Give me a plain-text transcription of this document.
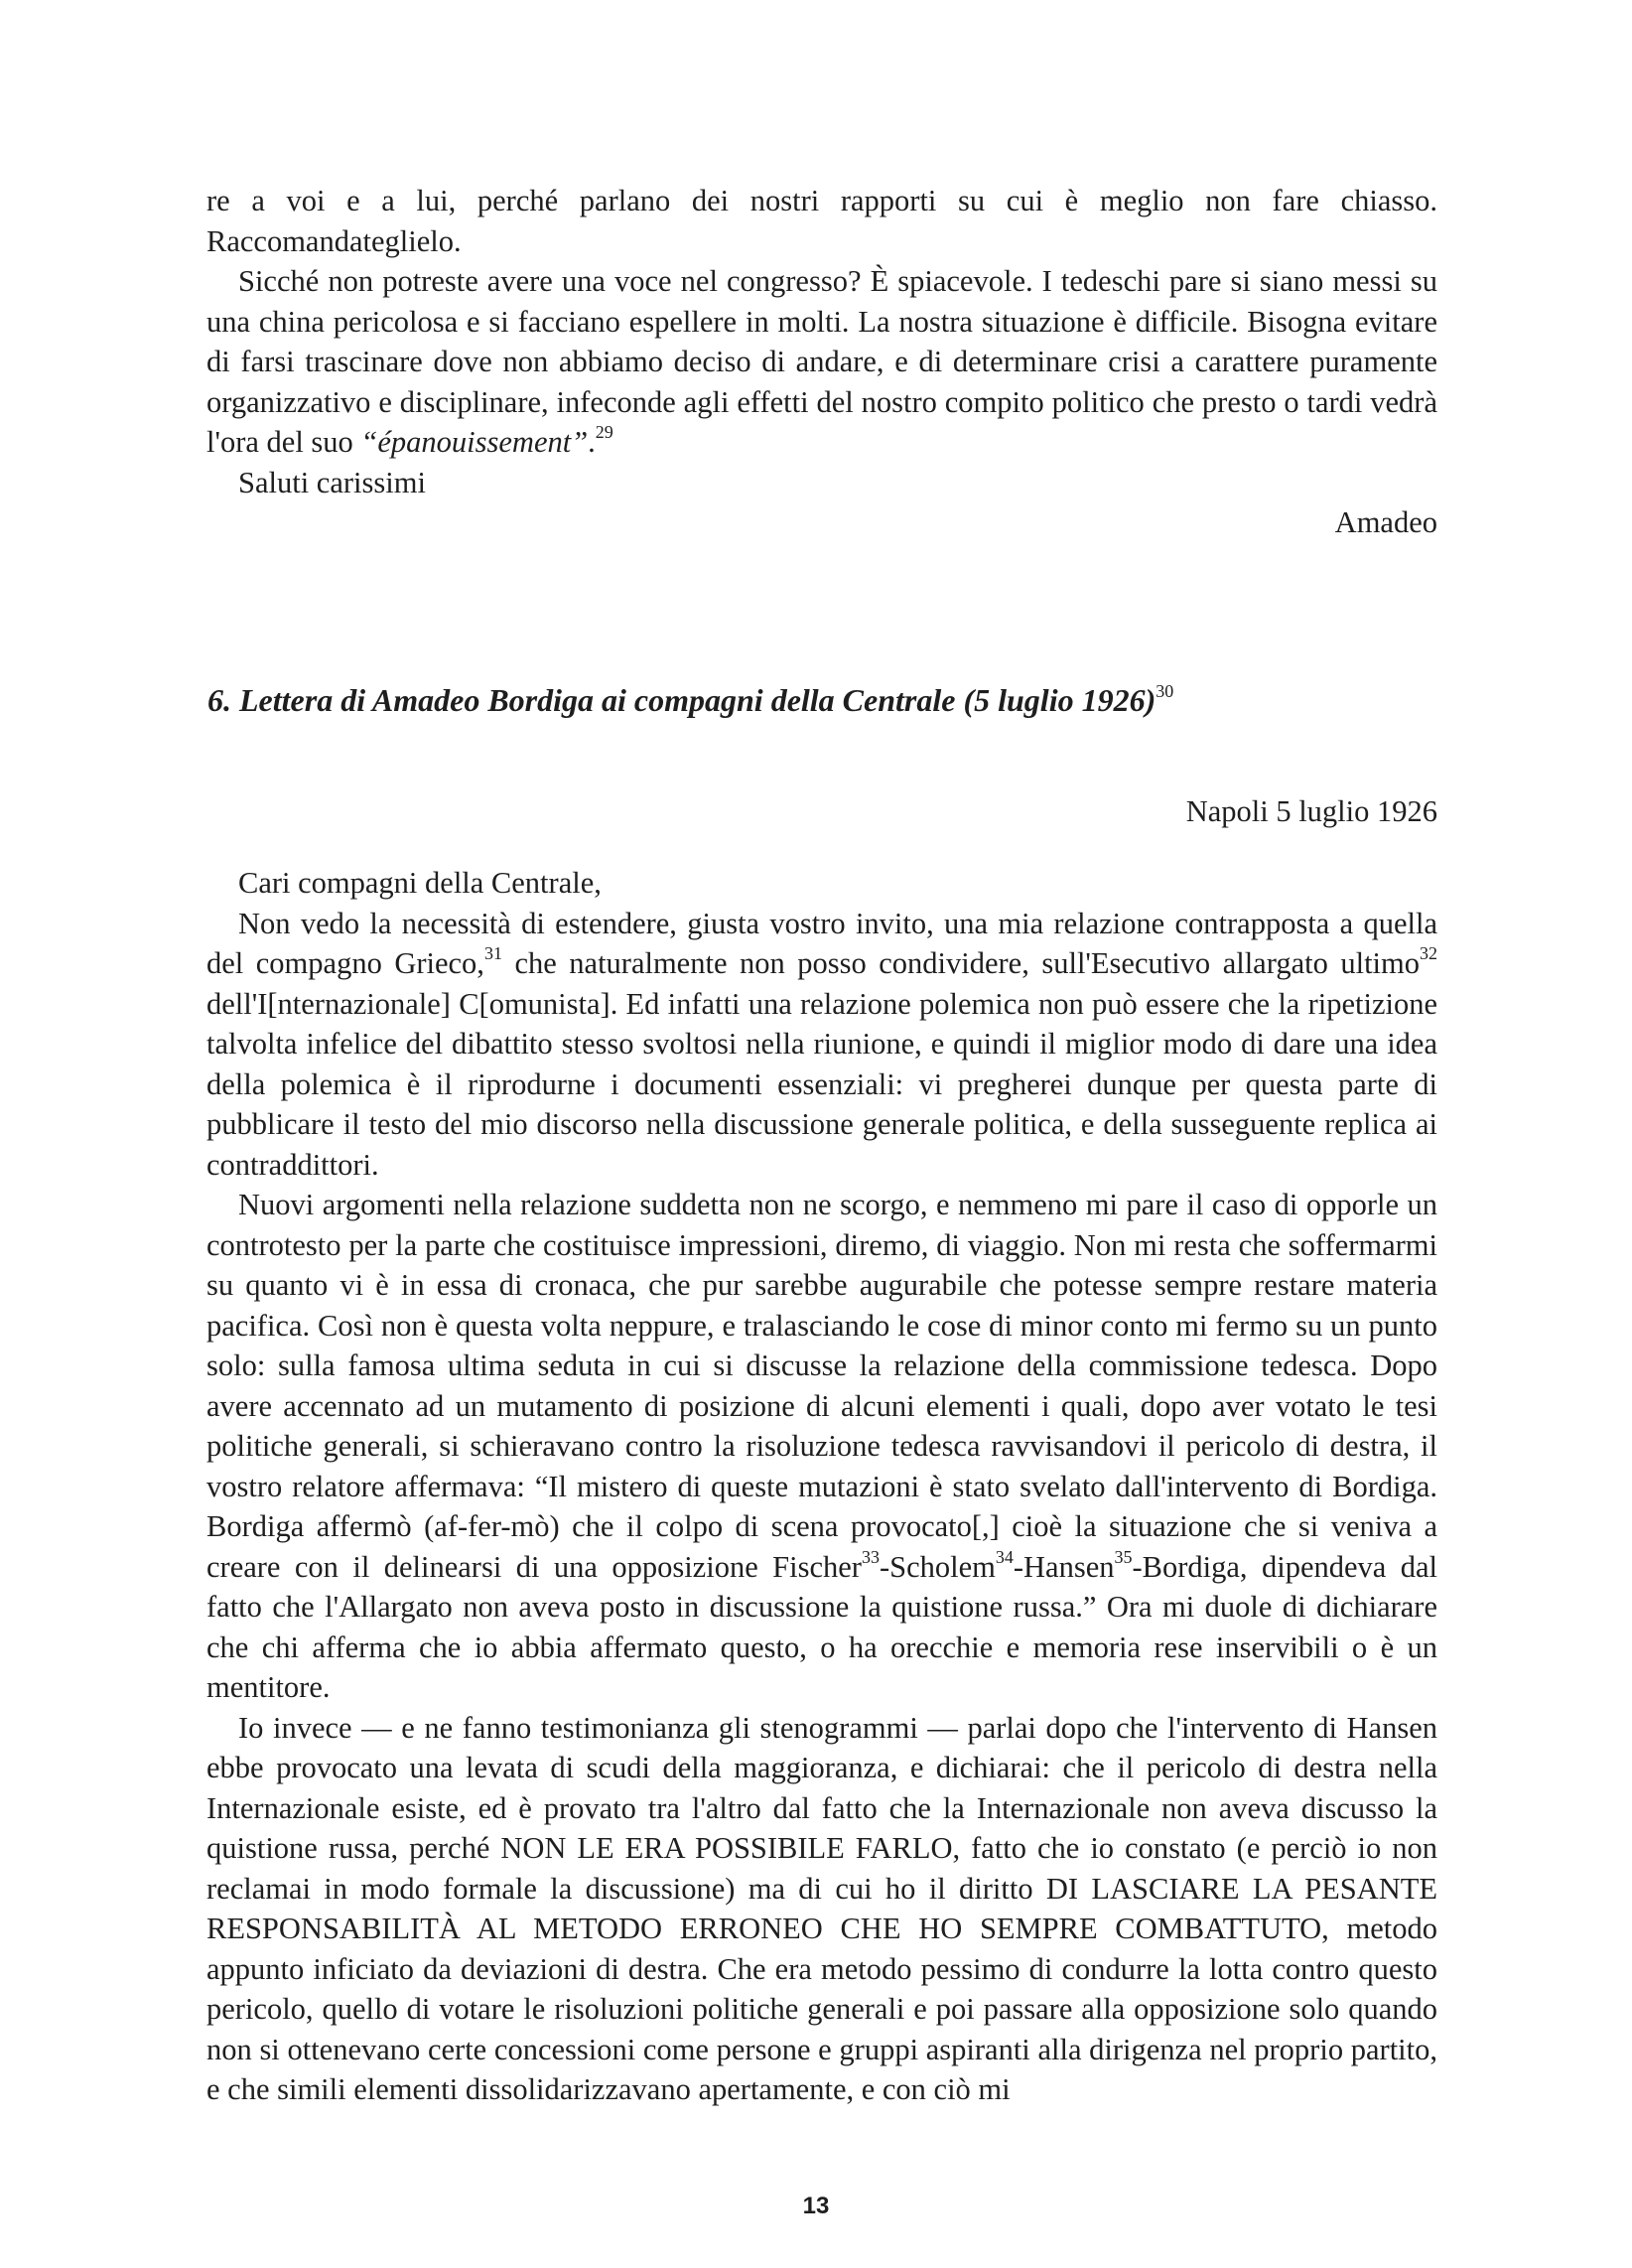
re a voi e a lui, perché parlano dei nostri rapporti su cui è meglio non fare chiasso. Raccomandateglielo.

Sicché non potreste avere una voce nel congresso? È spiacevole. I tedeschi pare si siano messi su una china pericolosa e si facciano espellere in molti. La nostra situazione è difficile. Bisogna evitare di farsi trascinare dove non abbiamo deciso di andare, e di determinare crisi a carattere puramente organizzativo e disciplinare, infeconde agli effetti del nostro compito politico che presto o tardi vedrà l'ora del suo “épanouissement”.$^{29}$

Saluti carissimi

Amadeo

6. Lettera di Amadeo Bordiga ai compagni della Centrale (5 luglio 1926)$^{30}$

Napoli 5 luglio 1926

Cari compagni della Centrale,

Non vedo la necessità di estendere, giusta vostro invito, una mia relazione contrapposta a quella del compagno Grieco,$^{31}$ che naturalmente non posso condividere, sull'Esecutivo allargato ultimo$^{32}$ dell'I[nternazionale] C[omunista]. Ed infatti una relazione polemica non può essere che la ripetizione talvolta infelice del dibattito stesso svoltosi nella riunione, e quindi il miglior modo di dare una idea della polemica è il riprodurne i documenti essenziali: vi pregherei dunque per questa parte di pubblicare il testo del mio discorso nella discussione generale politica, e della susseguente replica ai contraddittori.

Nuovi argomenti nella relazione suddetta non ne scorgo, e nemmeno mi pare il caso di opporle un controtesto per la parte che costituisce impressioni, diremo, di viaggio. Non mi resta che soffermarmi su quanto vi è in essa di cronaca, che pur sarebbe augurabile che potesse sempre restare materia pacifica. Così non è questa volta neppure, e tralasciando le cose di minor conto mi fermo su un punto solo: sulla famosa ultima seduta in cui si discusse la relazione della commissione tedesca. Dopo avere accennato ad un mutamento di posizione di alcuni elementi i quali, dopo aver votato le tesi politiche generali, si schieravano contro la risoluzione tedesca ravvisandovi il pericolo di destra, il vostro relatore affermava: “Il mistero di queste mutazioni è stato svelato dall'intervento di Bordiga. Bordiga affermò (af-fer-mò) che il colpo di scena provocato[,] cioè la situazione che si veniva a creare con il delinearsi di una opposizione Fischer$^{33}$-Scholem$^{34}$-Hansen$^{35}$-Bordiga, dipendeva dal fatto che l'Allargato non aveva posto in discussione la quistione russa.” Ora mi duole di dichiarare che chi afferma che io abbia affermato questo, o ha orecchie e memoria rese inservibili o è un mentitore.

Io invece — e ne fanno testimonianza gli stenogrammi — parlai dopo che l'intervento di Hansen ebbe provocato una levata di scudi della maggioranza, e dichiarai: che il pericolo di destra nella Internazionale esiste, ed è provato tra l'altro dal fatto che la Internazionale non aveva discusso la quistione russa, perché NON LE ERA POSSIBILE FARLO, fatto che io constato (e perciò io non reclamai in modo formale la discussione) ma di cui ho il diritto DI LASCIARE LA PESANTE RESPONSABILITÀ AL METODO ERRONEO CHE HO SEMPRE COMBATTUTO, metodo appunto inficiato da deviazioni di destra. Che era metodo pessimo di condurre la lotta contro questo pericolo, quello di votare le risoluzioni politiche generali e poi passare alla opposizione solo quando non si ottenevano certe concessioni come persone e gruppi aspiranti alla dirigenza nel proprio partito, e che simili elementi dissolidarizzavano apertamente, e con ciò mi

13
